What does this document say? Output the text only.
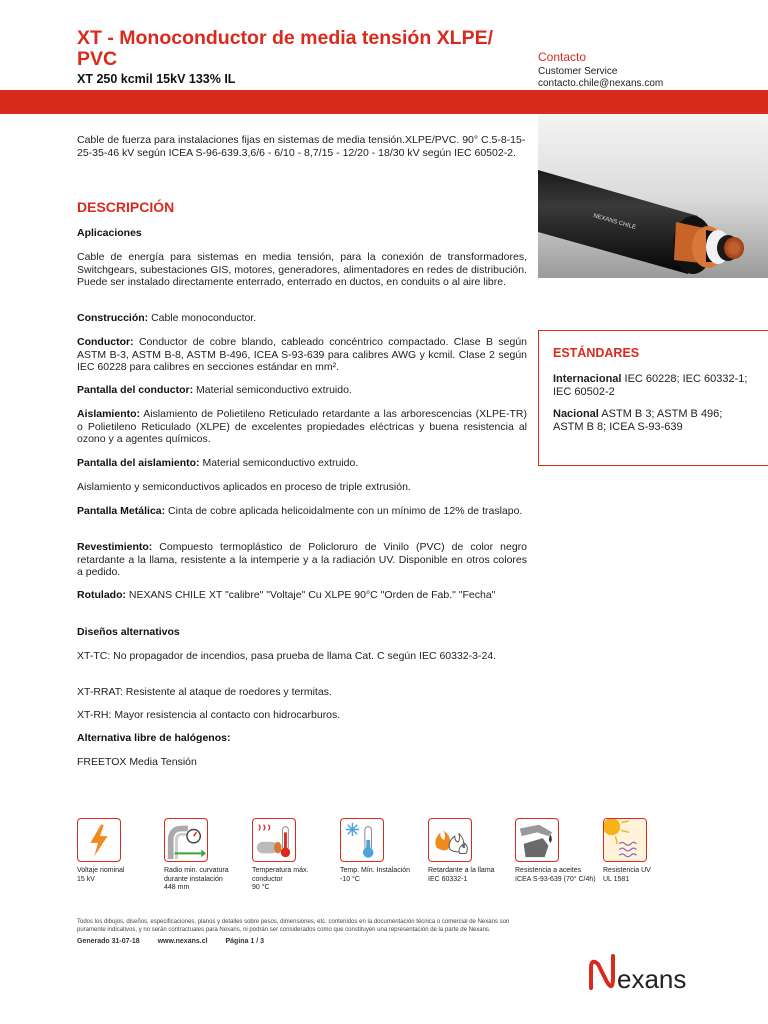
XT - Monoconductor de media tensión XLPE/ PVC
XT 250 kcmil 15kV 133% IL
Contacto
Customer Service
contacto.chile@nexans.com
Cable de fuerza para instalaciones fijas en sistemas de media tensión.XLPE/PVC. 90° C.5-8-15-25-35-46 kV según ICEA S-96-639.3,6/6 - 6/10 - 8,7/15 - 12/20 - 18/30 kV según IEC 60502-2.
NEXANS CHILE
DESCRIPCIÓN
Aplicaciones
Cable de energía para sistemas en media tensión, para la conexión de transformadores, Switchgears, subestaciones GIS, motores, generadores, alimentadores en redes de distribución. Puede ser instalado directamente enterrado, enterrado en ductos, en conduits o al aire libre.
Construcción: Cable monoconductor.
Conductor: Conductor de cobre blando, cableado concéntrico compactado. Clase B según ASTM B-3, ASTM B-8, ASTM B-496, ICEA S-93-639 para calibres AWG y kcmil. Clase 2 según IEC 60228 para calibres en secciones estándar en mm².
Pantalla del conductor: Material semiconductivo extruido.
Aislamiento: Aislamiento de Polietileno Reticulado retardante a las arborescencias (XLPE-TR) o Polietileno Reticulado (XLPE) de excelentes propiedades eléctricas y buena resistencia al ozono y a agentes químicos.
Pantalla del aislamiento: Material semiconductivo extruido.
Aislamiento y semiconductivos aplicados en proceso de triple extrusión.
Pantalla Metálica: Cinta de cobre aplicada helicoidalmente con un mínimo de 12% de traslapo.
Revestimiento: Compuesto termoplástico de Policloruro de Vinilo (PVC) de color negro retardante a la llama, resistente a la intemperie y a la radiación UV. Disponible en otros colores a pedido.
Rotulado: NEXANS CHILE XT "calibre" "Voltaje" Cu XLPE 90°C "Orden de Fab." "Fecha"
Diseños alternativos
XT-TC: No propagador de incendios, pasa prueba de llama Cat. C según IEC 60332-3-24.
XT-RRAT: Resistente al ataque de roedores y termitas.
XT-RH: Mayor resistencia al contacto con hidrocarburos.
Alternativa libre de halógenos:
FREETOX Media Tensión
ESTÁNDARES
Internacional IEC 60228; IEC 60332-1; IEC 60502-2
Nacional ASTM B 3; ASTM B 496; ASTM B 8; ICEA S-93-639
Voltaje nominal
15 kV
Radio min. curvatura durante instalación
448 mm
Temperatura máx. conductor
90 °C
Temp. Mín. Instalación
-10 °C
Retardante a la llama
IEC 60332-1
Resistencia a aceites
ICEA S-93-639 (70° C/4h)
Resistencia UV
UL 1581
Todos los dibujos, diseños, especificaciones, planos y detalles sobre pesos, dimensiones, etc. contenidos en la documentación técnica o comercial de Nexans son puramente indicativos, y no serán contractuales para Nexans, ni podrán ser considerados como que constituyen una representación de la parte de Nexans.
Generado 31-07-18	www.nexans.cl	Página 1 / 3
exans
